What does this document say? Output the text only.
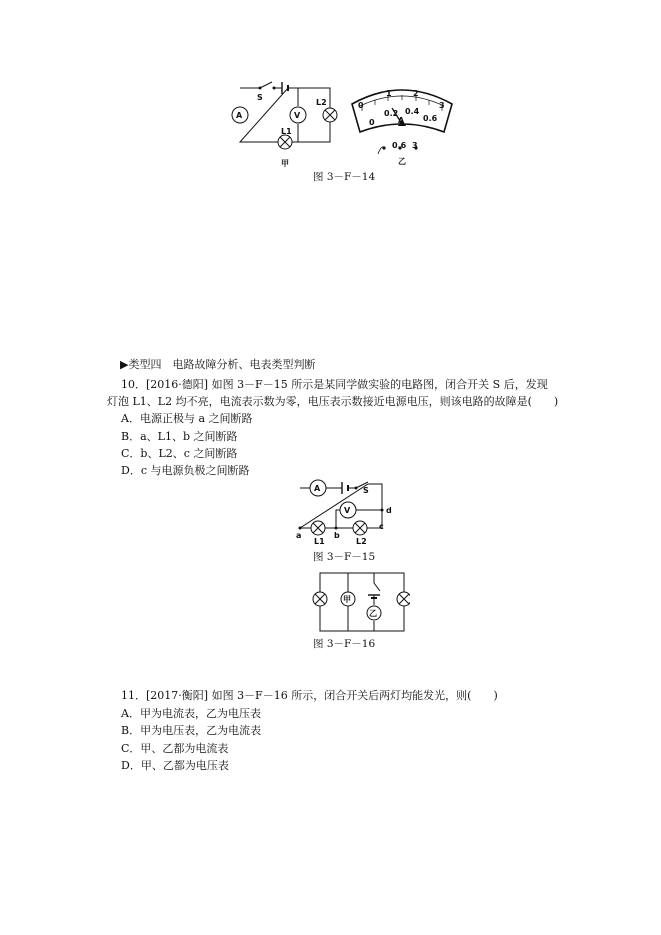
A	V
S
L2
L1
甲
0
1	2
3
0
0.2 0.4
0.6
A
0.6 3
乙
图 3－F－14
▶类型四　电路故障分析、电表类型判断
10．[2016·德阳] 如图 3－F－15 所示是某同学做实验的电路图，闭合开关 S 后，发现
灯泡 L1、L2 均不亮，电流表示数为零，电压表示数接近电源电压，则该电路的故障是(　　)
A．电源正极与 a 之间断路
B．a、L1、b 之间断路
C．b、L2、c 之间断路
D．c 与电源负极之间断路
A
V
S
d
a	b
c
L1	L2
图 3－F－15
甲
乙
图 3－F－16
11．[2017·衡阳] 如图 3－F－16 所示，闭合开关后两灯均能发光，则(　　)
A．甲为电流表，乙为电压表
B．甲为电压表，乙为电流表
C．甲、乙都为电流表
D．甲、乙都为电压表
